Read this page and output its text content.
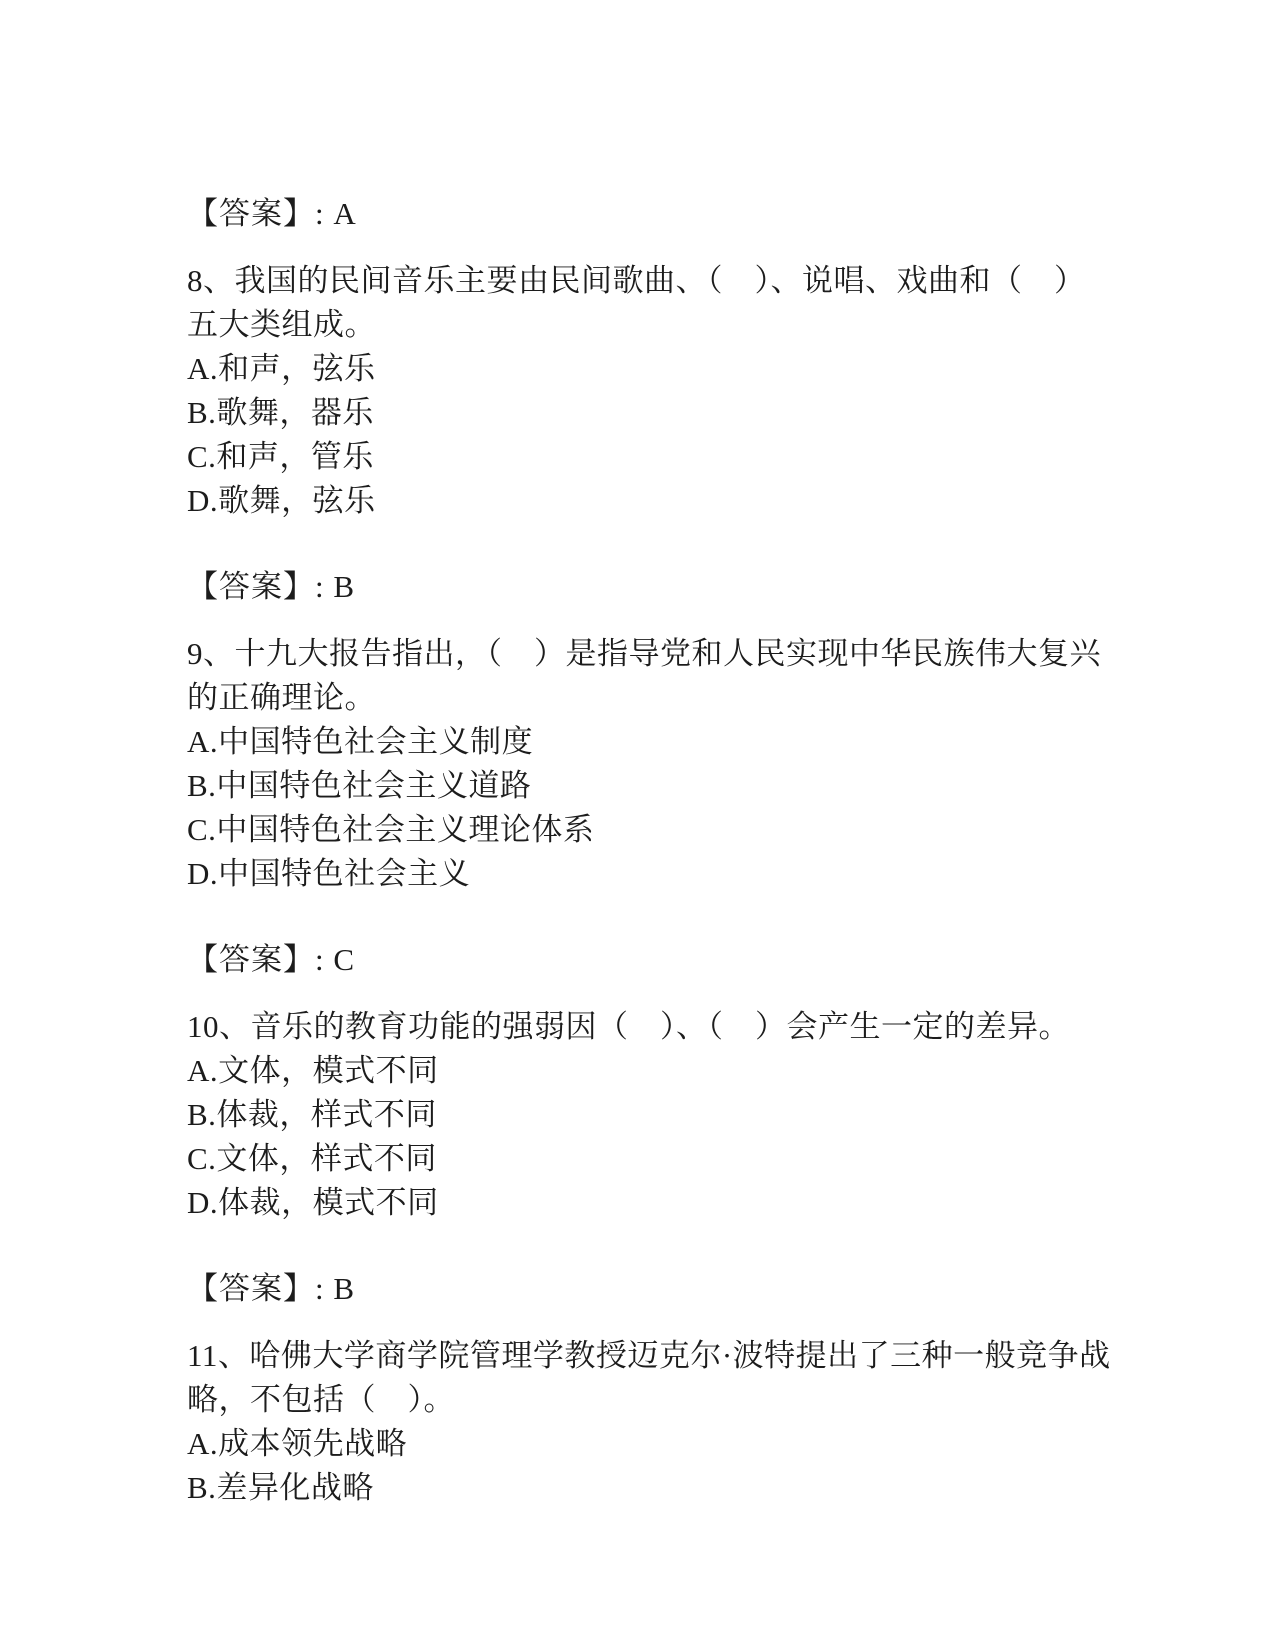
【答案】: A
8、我国的民间音乐主要由民间歌曲、（　）、说唱、戏曲和（　）
五大类组成。
A.和声，弦乐
B.歌舞，器乐
C.和声，管乐
D.歌舞，弦乐
【答案】: B
9、十九大报告指出，（　）是指导党和人民实现中华民族伟大复兴
的正确理论。
A.中国特色社会主义制度
B.中国特色社会主义道路
C.中国特色社会主义理论体系
D.中国特色社会主义
【答案】: C
10、音乐的教育功能的强弱因（　）、（　）会产生一定的差异。
A.文体，模式不同
B.体裁，样式不同
C.文体，样式不同
D.体裁，模式不同
【答案】: B
11、哈佛大学商学院管理学教授迈克尔·波特提出了三种一般竞争战
略，不包括（　）。
A.成本领先战略
B.差异化战略
